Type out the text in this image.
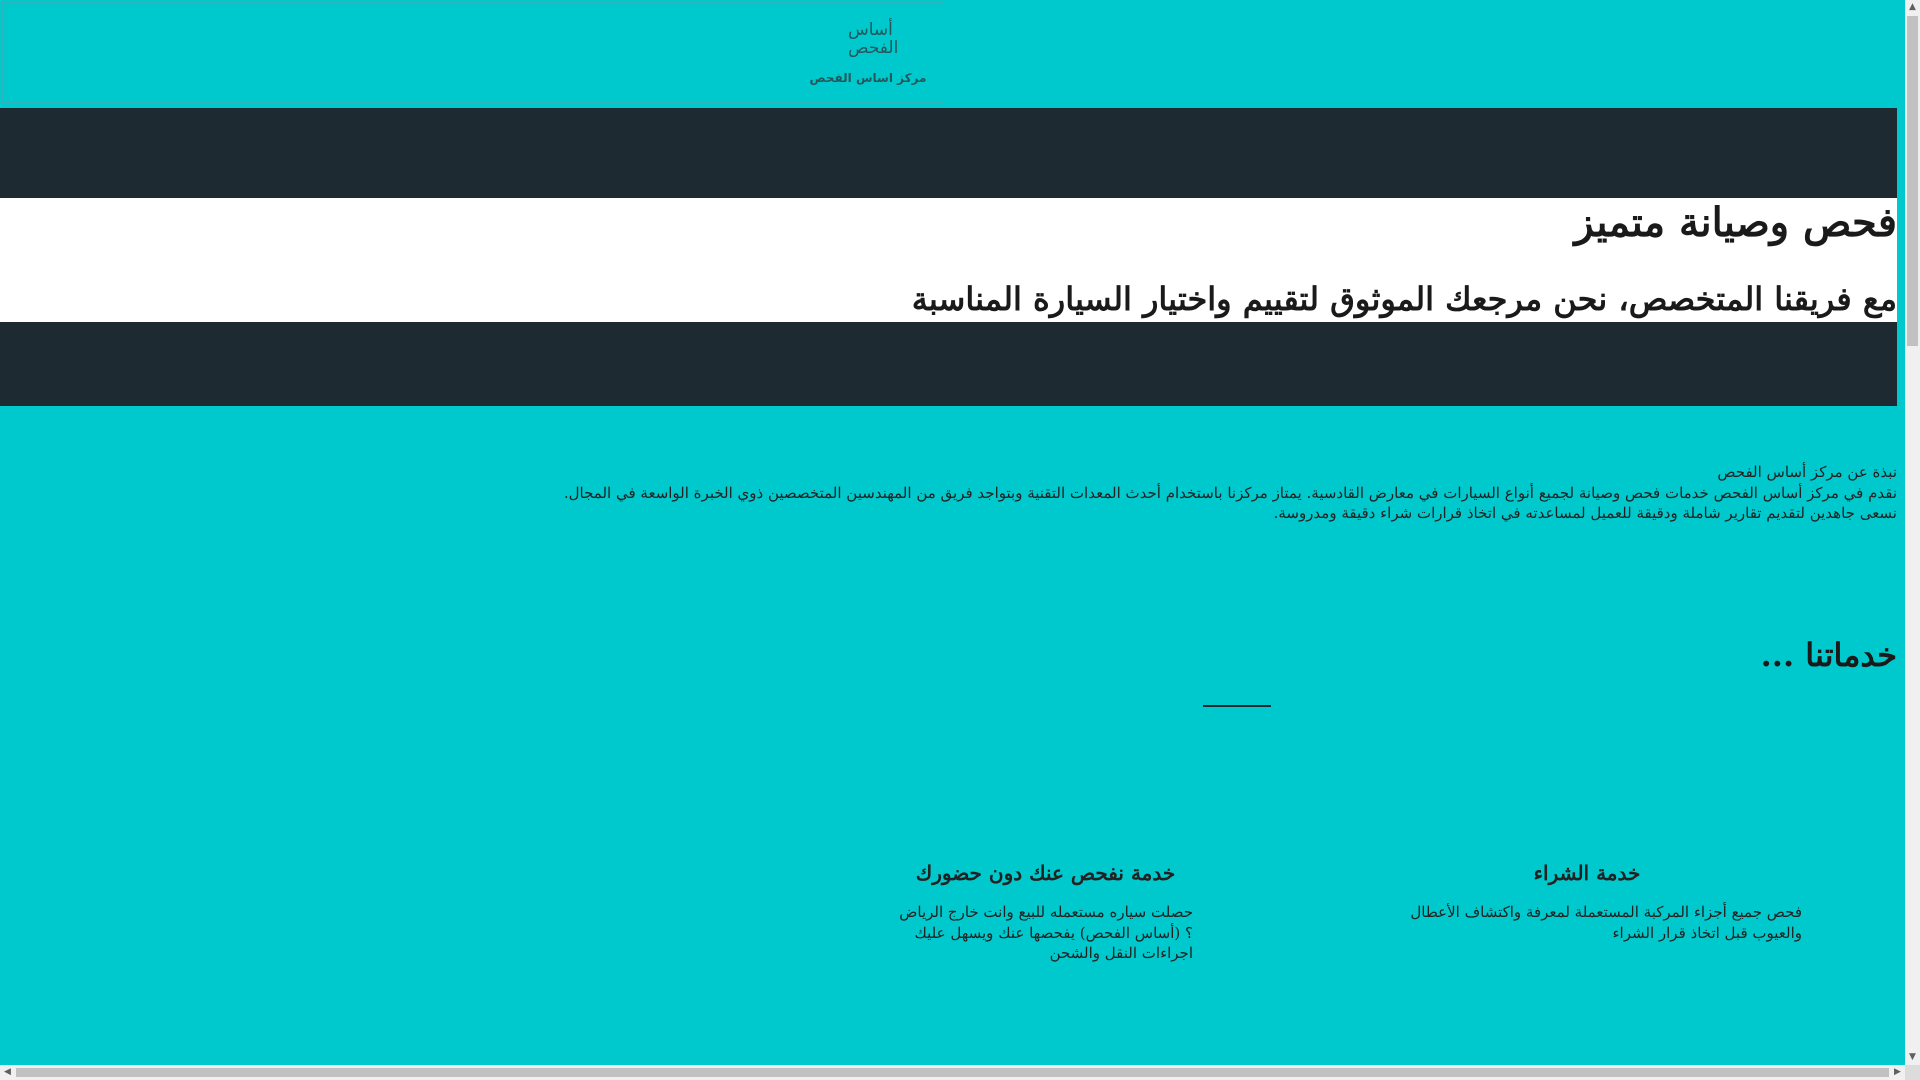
أساس الفحص
مركز اساس الفحص
فحص وصيانة متميز
مع فريقنا المتخصص، نحن مرجعك الموثوق لتقييم واختيار السيارة المناسبة

نبذة عن مركز أساس الفحص

نقدم في مركز أساس الفحص خدمات فحص وصيانة لجميع أنواع السيارات في معارض القادسية. يمتاز مركزنا باستخدام أحدث المعدات التقنية وبتواجد فريق من المهندسين المتخصصين ذوي الخبرة الواسعة في المجال. نسعى جاهدين لتقديم تقارير شاملة ودقيقة للعميل لمساعدته في اتخاذ قرارات شراء دقيقة ومدروسة.

خدماتنا ...
خدمة الشراء

فحص جميع أجزاء المركبة المستعملة لمعرفة واكتشاف الأعطال والعيوب قبل اتخاذ قرار الشراء

خدمة نفحص عنك دون حضورك

حصلت سياره مستعمله للبيع وانت خارج الرياض ؟ (أساس الفحص) يفحصها عنك ويسهل عليك اجراءات النقل والشحن

▲
▼
◀	▶
